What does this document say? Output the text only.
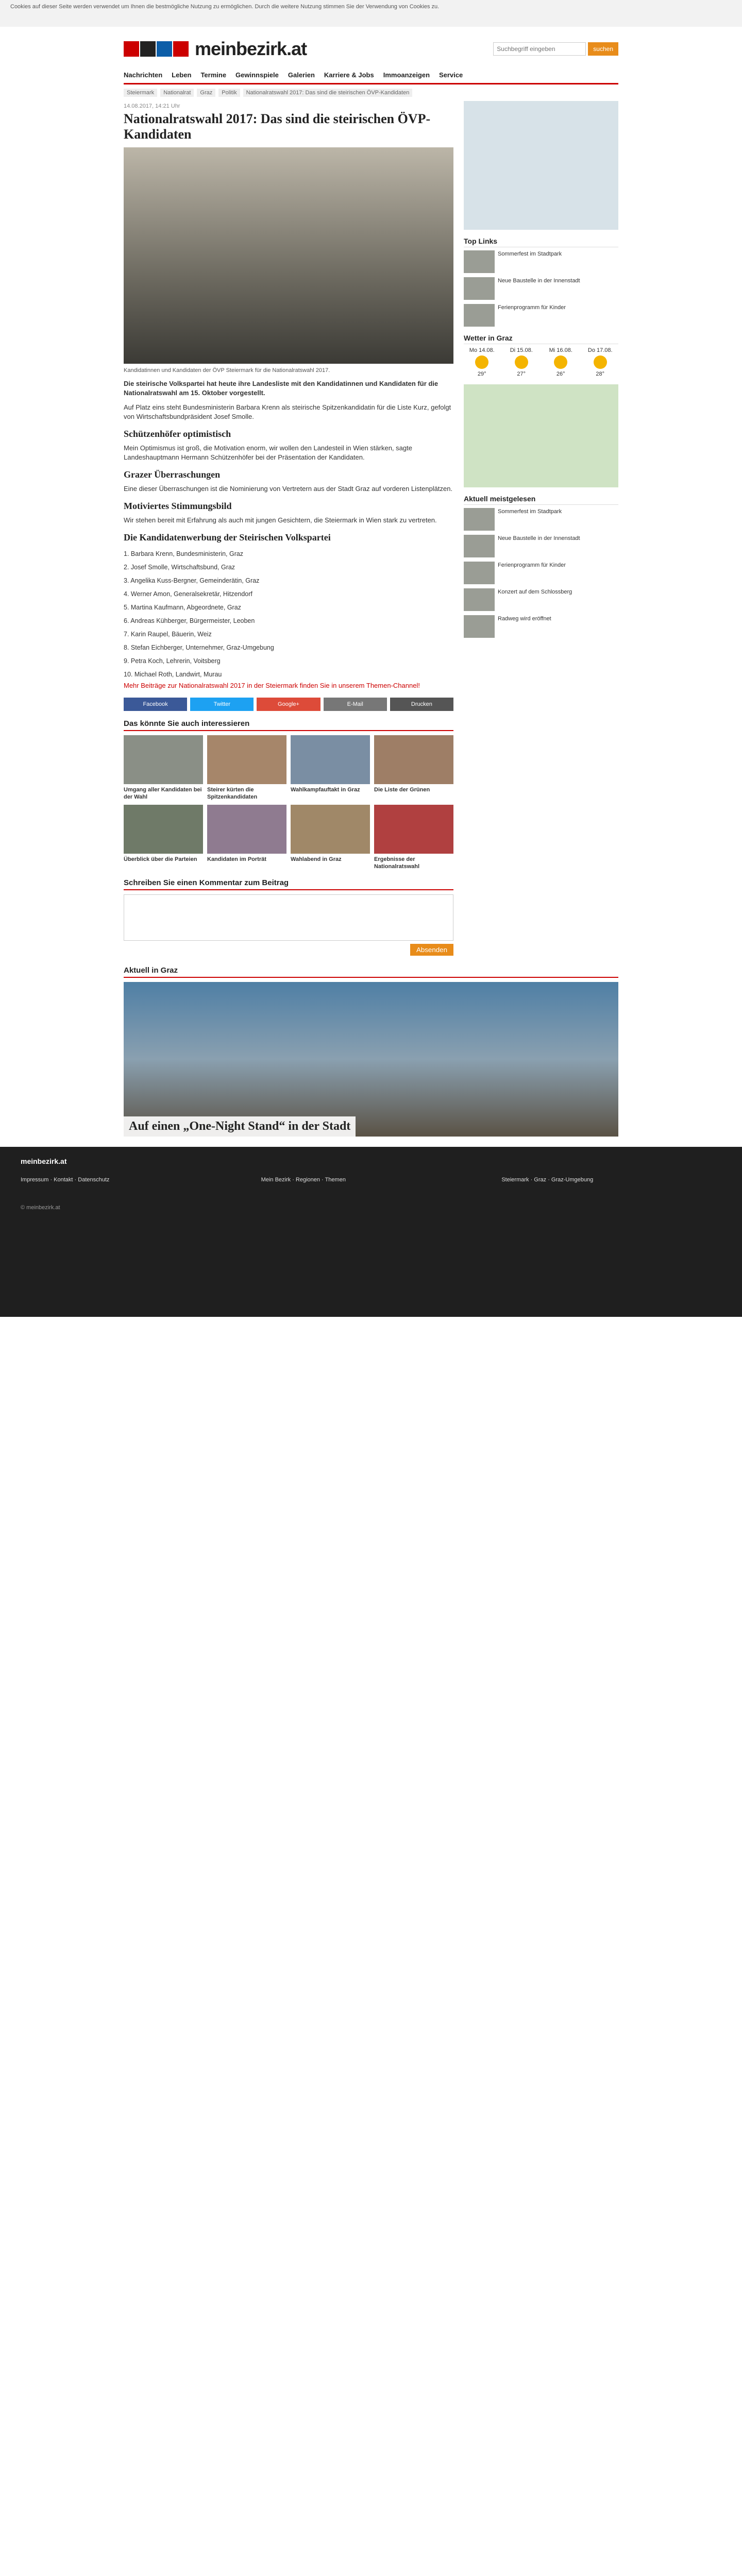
Cookies auf dieser Seite werden verwendet um Ihnen die bestmögliche Nutzung zu ermöglichen. Durch die weitere Nutzung stimmen Sie der Verwendung von Cookies zu.
meinbezirk.at
Suchbegriff eingeben	suchen
Nachrichten Leben Termine Gewinnspiele Galerien Karriere & Jobs Immoanzeigen Service
Steiermark	Nationalrat	Graz	Politik	Nationalratswahl 2017: Das sind die steirischen ÖVP-Kandidaten
14.08.2017, 14:21 Uhr
Nationalratswahl 2017: Das sind die steirischen ÖVP-Kandidaten
Kandidatinnen und Kandidaten der ÖVP Steiermark für die Nationalratswahl 2017.
Die steirische Volkspartei hat heute ihre Landesliste mit den Kandidatinnen und Kandidaten für die Nationalratswahl am 15. Oktober vorgestellt.

Auf Platz eins steht Bundesministerin Barbara Krenn als steirische Spitzenkandidatin für die Liste Kurz, gefolgt von Wirtschaftsbundpräsident Josef Smolle.

Schützenhöfer optimistisch

Mein Optimismus ist groß, die Motivation enorm, wir wollen den Landesteil in Wien stärken, sagte Landeshauptmann Hermann Schützenhöfer bei der Präsentation der Kandidaten.

Grazer Überraschungen

Eine dieser Überraschungen ist die Nominierung von Vertretern aus der Stadt Graz auf vorderen Listenplätzen.

Motiviertes Stimmungsbild

Wir stehen bereit mit Erfahrung als auch mit jungen Gesichtern, die Steiermark in Wien stark zu vertreten.

Die Kandidatenwerbung der Steirischen Volkspartei
1. Barbara Krenn, Bundesministerin, Graz
2. Josef Smolle, Wirtschaftsbund, Graz
3. Angelika Kuss-Bergner, Gemeinderätin, Graz
4. Werner Amon, Generalsekretär, Hitzendorf
5. Martina Kaufmann, Abgeordnete, Graz
6. Andreas Kühberger, Bürgermeister, Leoben
7. Karin Raupel, Bäuerin, Weiz
8. Stefan Eichberger, Unternehmer, Graz-Umgebung
9. Petra Koch, Lehrerin, Voitsberg
10. Michael Roth, Landwirt, Murau

Mehr Beiträge zur Nationalratswahl 2017 in der Steiermark finden Sie in unserem Themen-Channel!

Facebook	Twitter	Google+	E-Mail	Drucken
Das könnte Sie auch interessieren
Umgang aller Kandidaten bei der Wahl
Steirer kürten die Spitzenkandidaten
Wahlkampfauftakt in Graz	Die Liste der Grünen
Überblick über die Parteien	Kandidaten im Porträt	Wahlabend in Graz	Ergebnisse der Nationalratswahl
Schreiben Sie einen Kommentar zum Beitrag
Absenden
Top Links
Sommerfest im Stadtpark
Neue Baustelle in der Innenstadt
Ferienprogramm für Kinder
Wetter in Graz
Mo 14.08.
29°
Di 15.08.
27°
Mi 16.08.
26°
Do 17.08.
28°
Aktuell meistgelesen
Sommerfest im Stadtpark
Neue Baustelle in der Innenstadt
Ferienprogramm für Kinder
Konzert auf dem Schlossberg
Radweg wird eröffnet
Aktuell in Graz
Auf einen „One-Night Stand“ in der Stadt
meinbezirk.at
Impressum · Kontakt · Datenschutz	Mein Bezirk · Regionen · Themen	Steiermark · Graz · Graz-Umgebung
© meinbezirk.at
